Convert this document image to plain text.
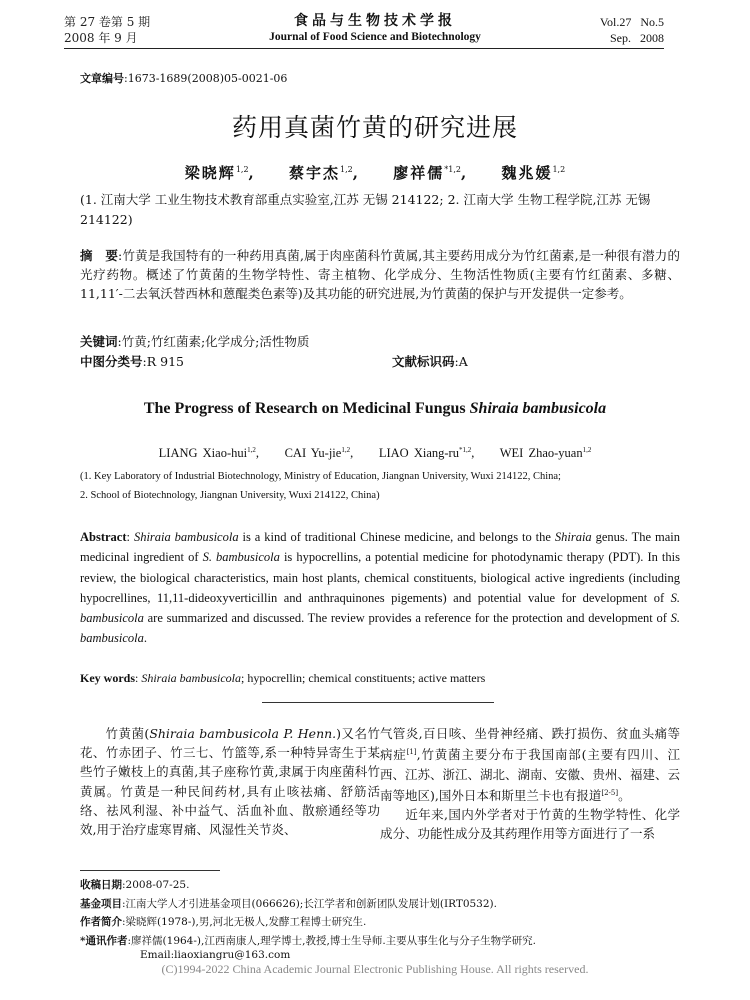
第 27 卷第 5 期
2008 年 9 月
食品与生物技术学报
Journal of Food Science and Biotechnology
Vol.27   No.5
Sep.   2008
文章编号:1673-1689(2008)05-0021-06
药用真菌竹黄的研究进展
梁晓辉$^{1,2}$, 蔡宇杰$^{1,2}$, 廖祥儒$^{*1,2}$, 魏兆媛$^{1,2}$
(1. 江南大学 工业生物技术教育部重点实验室,江苏 无锡 214122; 2. 江南大学 生物工程学院,江苏 无锡 214122)
摘　要:竹黄是我国特有的一种药用真菌,属于肉座菌科竹黄属,其主要药用成分为竹红菌素,是一种很有潜力的光疗药物。概述了竹黄菌的生物学特性、寄主植物、化学成分、生物活性物质(主要有竹红菌素、多糖、11,11′-二去氧沃替西林和蒽醌类色素等)及其功能的研究进展,为竹黄菌的保护与开发提供一定参考。
关键词:竹黄;竹红菌素;化学成分;活性物质
中图分类号:R 915	文献标识码:A
The Progress of Research on Medicinal Fungus Shiraia bambusicola
LIANG Xiao-hui$^{1,2}$,     CAI Yu-jie$^{1,2}$,     LIAO Xiang-ru$^{*1,2}$,     WEI Zhao-yuan$^{1,2}$
(1. Key Laboratory of Industrial Biotechnology, Ministry of Education, Jiangnan University, Wuxi 214122, China;
2. School of Biotechnology, Jiangnan University, Wuxi 214122, China)
Abstract: Shiraia bambusicola is a kind of traditional Chinese medicine, and belongs to the Shiraia genus. The main medicinal ingredient of S. bambusicola is hypocrellins, a potential medicine for photodynamic therapy (PDT). In this review, the biological characteristics, main host plants, chemical constituents, biological active ingredients (including hypocrellines, 11,11-dideoxyverticillin and anthraquinones pigements) and potential value for development of S. bambusicola are summarized and discussed. The review provides a reference for the protection and development of S. bambusicola.
Key words: Shiraia bambusicola; hypocrellin; chemical constituents; active matters
  竹黄菌(Shiraia bambusicola P. Henn.)又名竹花、竹赤团子、竹三七、竹篮等,系一种特异寄生于某些竹子嫩枝上的真菌,其子座称竹黄,隶属于肉座菌科竹黄属。竹黄是一种民间药材,具有止咳祛痛、舒筋活络、祛风利湿、补中益气、活血补血、散瘀通经等功效,用于治疗虚寒胃痛、风湿性关节炎、
气管炎,百日咳、坐骨神经痛、跌打损伤、贫血头痛等病症[1],竹黄菌主要分布于我国南部(主要有四川、江西、江苏、浙江、湖北、湖南、安徽、贵州、福建、云南等地区),国外日本和斯里兰卡也有报道[2-5]。
  近年来,国内外学者对于竹黄的生物学特性、化学成分、功能性成分及其药理作用等方面进行了一系
收稿日期:2008-07-25.
基金项目:江南大学人才引进基金项目(066626);长江学者和创新团队发展计划(IRT0532).
作者简介:梁晓辉(1978-),男,河北无极人,发酵工程博士研究生.
*通讯作者:廖祥儒(1964-),江西南康人,理学博士,教授,博士生导师.主要从事生化与分子生物学研究.
Email:liaoxiangru@163.com
(C)1994-2022 China Academic Journal Electronic Publishing House. All rights reserved.
